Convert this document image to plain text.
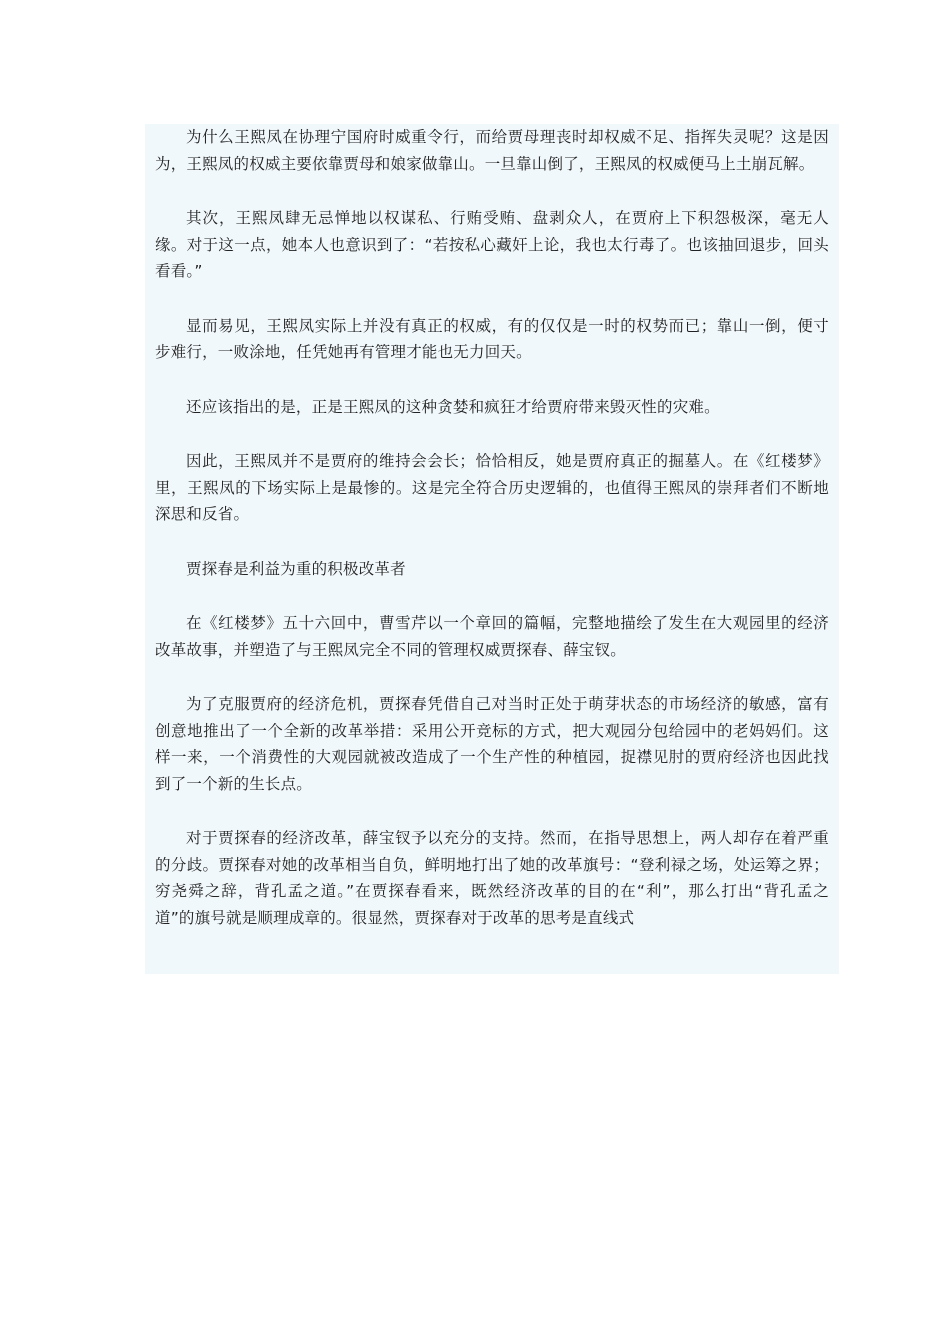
为什么王熙凤在协理宁国府时威重令行，而给贾母理丧时却权威不足、指挥失灵呢？这是因为，王熙凤的权威主要依靠贾母和娘家做靠山。一旦靠山倒了，王熙凤的权威便马上土崩瓦解。

其次，王熙凤肆无忌惮地以权谋私、行贿受贿、盘剥众人，在贾府上下积怨极深，毫无人缘。对于这一点，她本人也意识到了：“若按私心藏奸上论，我也太行毒了。也该抽回退步，回头看看。”

显而易见，王熙凤实际上并没有真正的权威，有的仅仅是一时的权势而已；靠山一倒，便寸步难行，一败涂地，任凭她再有管理才能也无力回天。

还应该指出的是，正是王熙凤的这种贪婪和疯狂才给贾府带来毁灭性的灾难。

因此，王熙凤并不是贾府的维持会会长；恰恰相反，她是贾府真正的掘墓人。在《红楼梦》里，王熙凤的下场实际上是最惨的。这是完全符合历史逻辑的，也值得王熙凤的崇拜者们不断地深思和反省。

贾探春是利益为重的积极改革者

在《红楼梦》五十六回中，曹雪芹以一个章回的篇幅，完整地描绘了发生在大观园里的经济改革故事，并塑造了与王熙凤完全不同的管理权威贾探春、薛宝钗。

为了克服贾府的经济危机，贾探春凭借自己对当时正处于萌芽状态的市场经济的敏感，富有创意地推出了一个全新的改革举措：采用公开竞标的方式，把大观园分包给园中的老妈妈们。这样一来，一个消费性的大观园就被改造成了一个生产性的种植园，捉襟见肘的贾府经济也因此找到了一个新的生长点。

对于贾探春的经济改革，薛宝钗予以充分的支持。然而，在指导思想上，两人却存在着严重的分歧。贾探春对她的改革相当自负，鲜明地打出了她的改革旗号：“登利禄之场，处运筹之界；穷尧舜之辞，背孔孟之道。”在贾探春看来，既然经济改革的目的在“利”，那么打出“背孔孟之道”的旗号就是顺理成章的。很显然，贾探春对于改革的思考是直线式
